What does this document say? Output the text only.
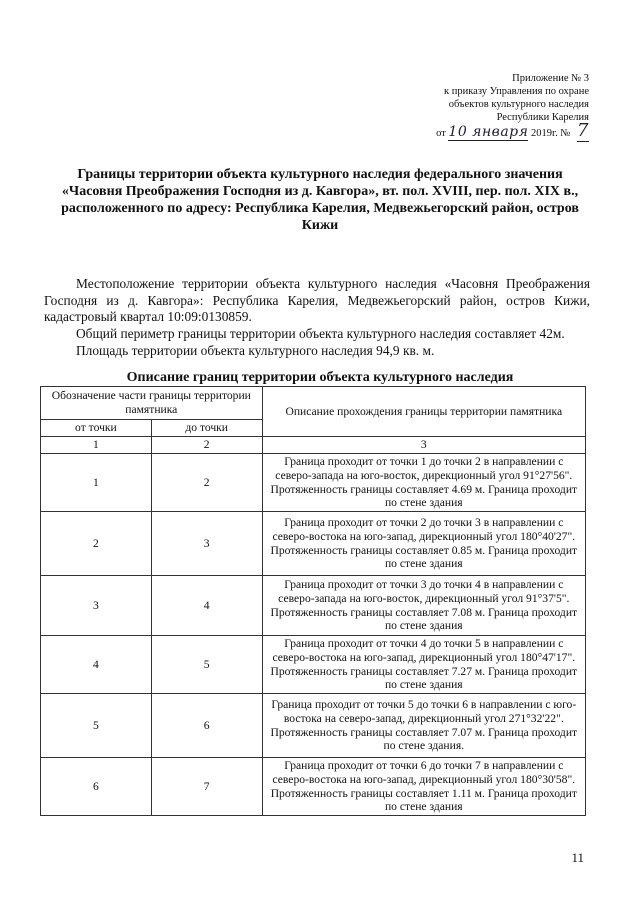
Приложение № 3
к приказу Управления по охране
объектов культурного наследия
Республики Карелия
от 10 января 2019г. № 7
Границы территории объекта культурного наследия федерального значения «Часовня Преображения Господня из д. Кавгора», вт. пол. XVIII, пер. пол. XIX в., расположенного по адресу: Республика Карелия, Медвежьегорский район, остров Кижи
Местоположение территории объекта культурного наследия «Часовня Преображения Господня из д. Кавгора»: Республика Карелия, Медвежьегорский район, остров Кижи, кадастровый квартал 10:09:0130859.
Общий периметр границы территории объекта культурного наследия составляет 42м.
Площадь территории объекта культурного наследия 94,9 кв. м.
Описание границ территории объекта культурного наследия
Обозначение части границы территории памятника		Описание прохождения границы территории памятника
от точки	до точки	
1	2	3
1	2	Граница проходит от точки 1 до точки 2 в направлении с северо-запада на юго-восток, дирекционный угол 91°27'56". Протяженность границы составляет 4.69 м. Граница проходит по стене здания
2	3	Граница проходит от точки 2 до точки 3 в направлении с северо-востока на юго-запад, дирекционный угол 180°40'27". Протяженность границы составляет 0.85 м. Граница проходит по стене здания
3	4	Граница проходит от точки 3 до точки 4 в направлении с северо-запада на юго-восток, дирекционный угол 91°37'5". Протяженность границы составляет 7.08 м. Граница проходит по стене здания
4	5	Граница проходит от точки 4 до точки 5 в направлении с северо-востока на юго-запад, дирекционный угол 180°47'17". Протяженность границы составляет 7.27 м. Граница проходит по стене здания
5	6	Граница проходит от точки 5 до точки 6 в направлении с юго-востока на северо-запад, дирекционный угол 271°32'22". Протяженность границы составляет 7.07 м. Граница проходит по стене здания.
6	7	Граница проходит от точки 6 до точки 7 в направлении с северо-востока на юго-запад, дирекционный угол 180°30'58". Протяженность границы составляет 1.11 м. Граница проходит по стене здания
11
